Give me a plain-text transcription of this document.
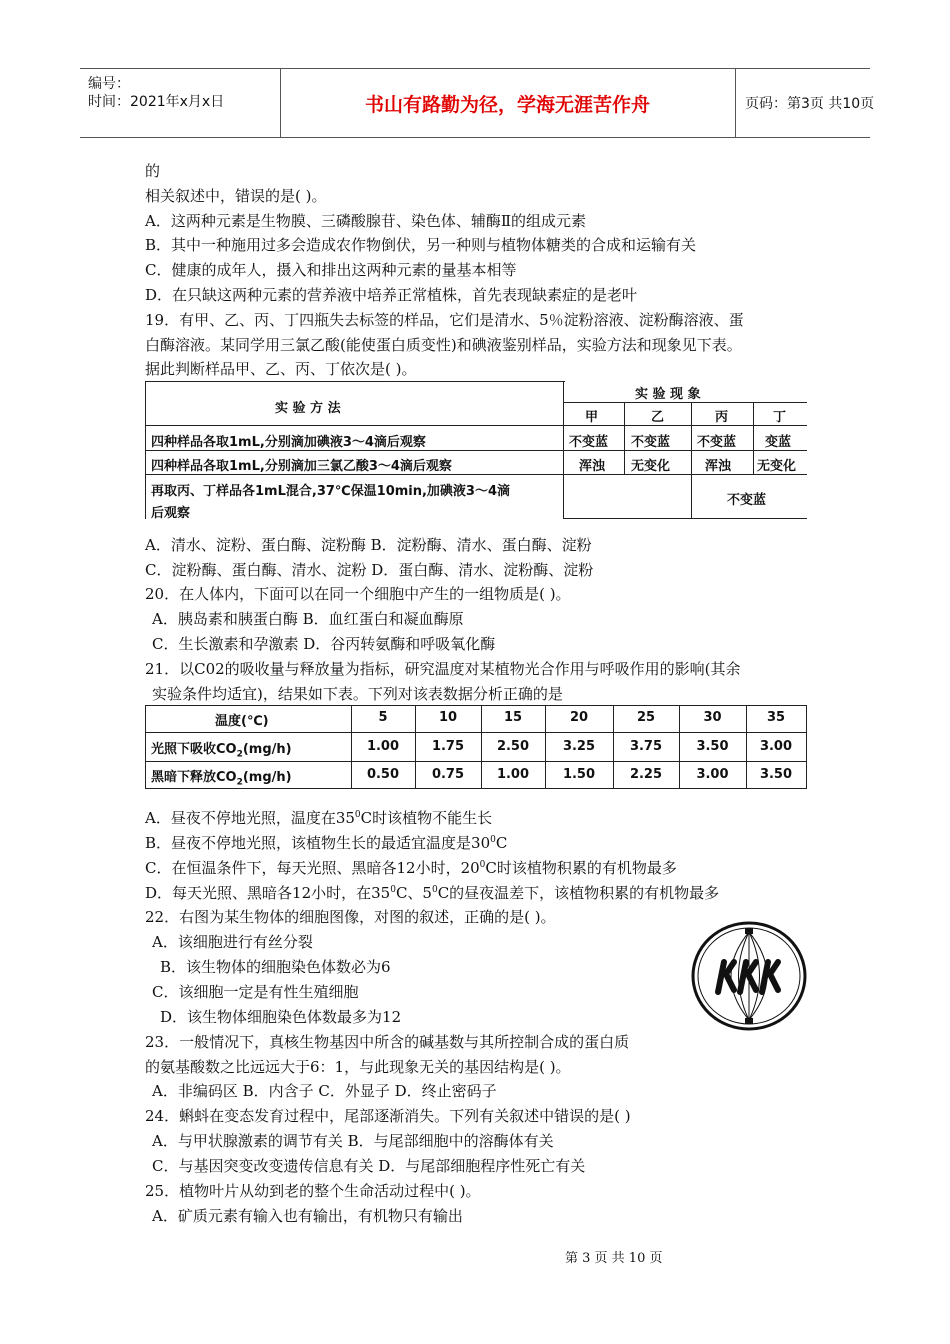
编号：
时间：2021年x月x日	书山有路勤为径，学海无涯苦作舟	页码：第3页 共10页
的
相关叙述中，错误的是( )。
A．这两种元素是生物膜、三磷酸腺苷、染色体、辅酶Ⅱ的组成元素
B．其中一种施用过多会造成农作物倒伏，另一种则与植物体糖类的合成和运输有关
C．健康的成年人，摄入和排出这两种元素的量基本相等
D．在只缺这两种元素的营养液中培养正常植株，首先表现缺素症的是老叶
19．有甲、乙、丙、丁四瓶失去标签的样品，它们是清水、5％淀粉溶液、淀粉酶溶液、蛋
白酶溶液。某同学用三氯乙酸(能使蛋白质变性)和碘液鉴别样品，实验方法和现象见下表。
据此判断样品甲、乙、丙、丁依次是( )。
实 验 方 法
实 验 现 象
甲	乙	丙	丁
四种样品各取1mL,分别滴加碘液3～4滴后观察	不变蓝 不变蓝 不变蓝 变蓝
四种样品各取1mL,分别滴加三氯乙酸3～4滴后观察	浑浊 无变化	浑浊 无变化
再取丙、丁样品各1mL混合,37℃保温10min,加碘液3～4滴
后观察
不变蓝
A．清水、淀粉、蛋白酶、淀粉酶 B．淀粉酶、清水、蛋白酶、淀粉
C．淀粉酶、蛋白酶、清水、淀粉 D．蛋白酶、清水、淀粉酶、淀粉
20．在人体内，下面可以在同一个细胞中产生的一组物质是( )。
A．胰岛素和胰蛋白酶 B．血红蛋白和凝血酶原
C．生长激素和孕激素 D．谷丙转氨酶和呼吸氧化酶
21．以C02的吸收量与释放量为指标，研究温度对某植物光合作用与呼吸作用的影响(其余
实验条件均适宜)，结果如下表。下列对该表数据分析正确的是
温度(℃)	5	10	15	20	25	30	35
光照下吸收$CO_2(mg/h)$	1.00	1.75	2.50	3.25	3.75	3.50	3.00
黑暗下释放$CO_2(mg/h)$	0.50	0.75	1.00	1.50	2.25	3.00	3.50
A．昼夜不停地光照，温度在$35^0C$时该植物不能生长
B．昼夜不停地光照，该植物生长的最适宜温度是$30^0C$
C．在恒温条件下，每天光照、黑暗各12小时，$20^0C$时该植物积累的有机物最多
D．每天光照、黑暗各12小时，在$35^0C$、$5^0C$的昼夜温差下，该植物积累的有机物最多
22．右图为某生物体的细胞图像，对图的叙述，正确的是( )。
A．该细胞进行有丝分裂
B．该生物体的细胞染色体数必为6
C．该细胞一定是有性生殖细胞
D．该生物体细胞染色体数最多为12
23．一般情况下，真核生物基因中所含的碱基数与其所控制合成的蛋白质
的氨基酸数之比远远大于6：1，与此现象无关的基因结构是( )。
A．非编码区 B．内含子 C．外显子 D．终止密码子
24．蝌蚪在变态发育过程中，尾部逐渐消失。下列有关叙述中错误的是( )
A．与甲状腺激素的调节有关 B．与尾部细胞中的溶酶体有关
C．与基因突变改变遗传信息有关 D．与尾部细胞程序性死亡有关
25．植物叶片从幼到老的整个生命活动过程中( )。
A．矿质元素有输入也有输出，有机物只有输出
第 3 页 共 10 页
